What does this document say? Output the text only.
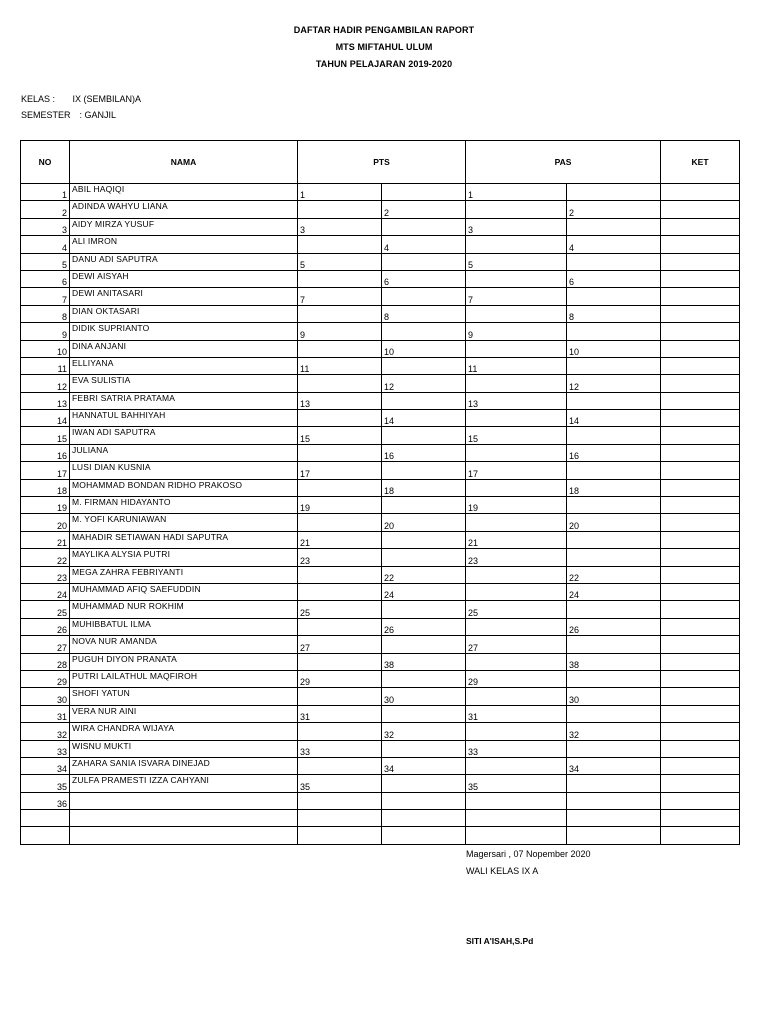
DAFTAR HADIR PENGAMBILAN RAPORT
MTS MIFTAHUL ULUM
TAHUN PELAJARAN 2019-2020
KELAS : IX (SEMBILAN)A
SEMESTER : GANJIL
NO	NAMA	PTS		PAS		KET
1	ABIL HAQIQI	1		1		
2	ADINDA WAHYU LIANA		2		2	
3	AIDY MIRZA YUSUF	3		3		
4	ALI IMRON		4		4	
5	DANU ADI SAPUTRA	5		5		
6	DEWI AISYAH		6		6	
7	DEWI ANITASARI	7		7		
8	DIAN OKTASARI		8		8	
9	DIDIK SUPRIANTO	9		9		
10	DINA ANJANI		10		10	
11	ELLIYANA	11		11		
12	EVA SULISTIA		12		12	
13	FEBRI SATRIA PRATAMA	13		13		
14	HANNATUL BAHHIYAH		14		14	
15	IWAN ADI SAPUTRA	15		15		
16	JULIANA		16		16	
17	LUSI DIAN KUSNIA	17		17		
18	MOHAMMAD BONDAN RIDHO PRAKOSO		18		18	
19	M. FIRMAN HIDAYANTO	19		19		
20	M. YOFI KARUNIAWAN		20		20	
21	MAHADIR SETIAWAN HADI SAPUTRA	21		21		
22	MAYLIKA ALYSIA PUTRI	23		23		
23	MEGA ZAHRA FEBRIYANTI		22		22	
24	MUHAMMAD AFIQ SAEFUDDIN		24		24	
25	MUHAMMAD NUR ROKHIM	25		25		
26	MUHIBBATUL ILMA		26		26	
27	NOVA NUR AMANDA	27		27		
28	PUGUH DIYON PRANATA		38		38	
29	PUTRI LAILATHUL MAQFIROH	29		29		
30	SHOFI YATUN		30		30	
31	VERA NUR AINI	31		31		
32	WIRA CHANDRA WIJAYA		32		32	
33	WISNU MUKTI	33		33		
34	ZAHARA SANIA ISVARA DINEJAD		34		34	
35	ZULFA PRAMESTI IZZA CAHYANI	35		35		
36						

Magersari , 07 Nopember 2020
WALI KELAS IX A
SITI A'ISAH,S.Pd
